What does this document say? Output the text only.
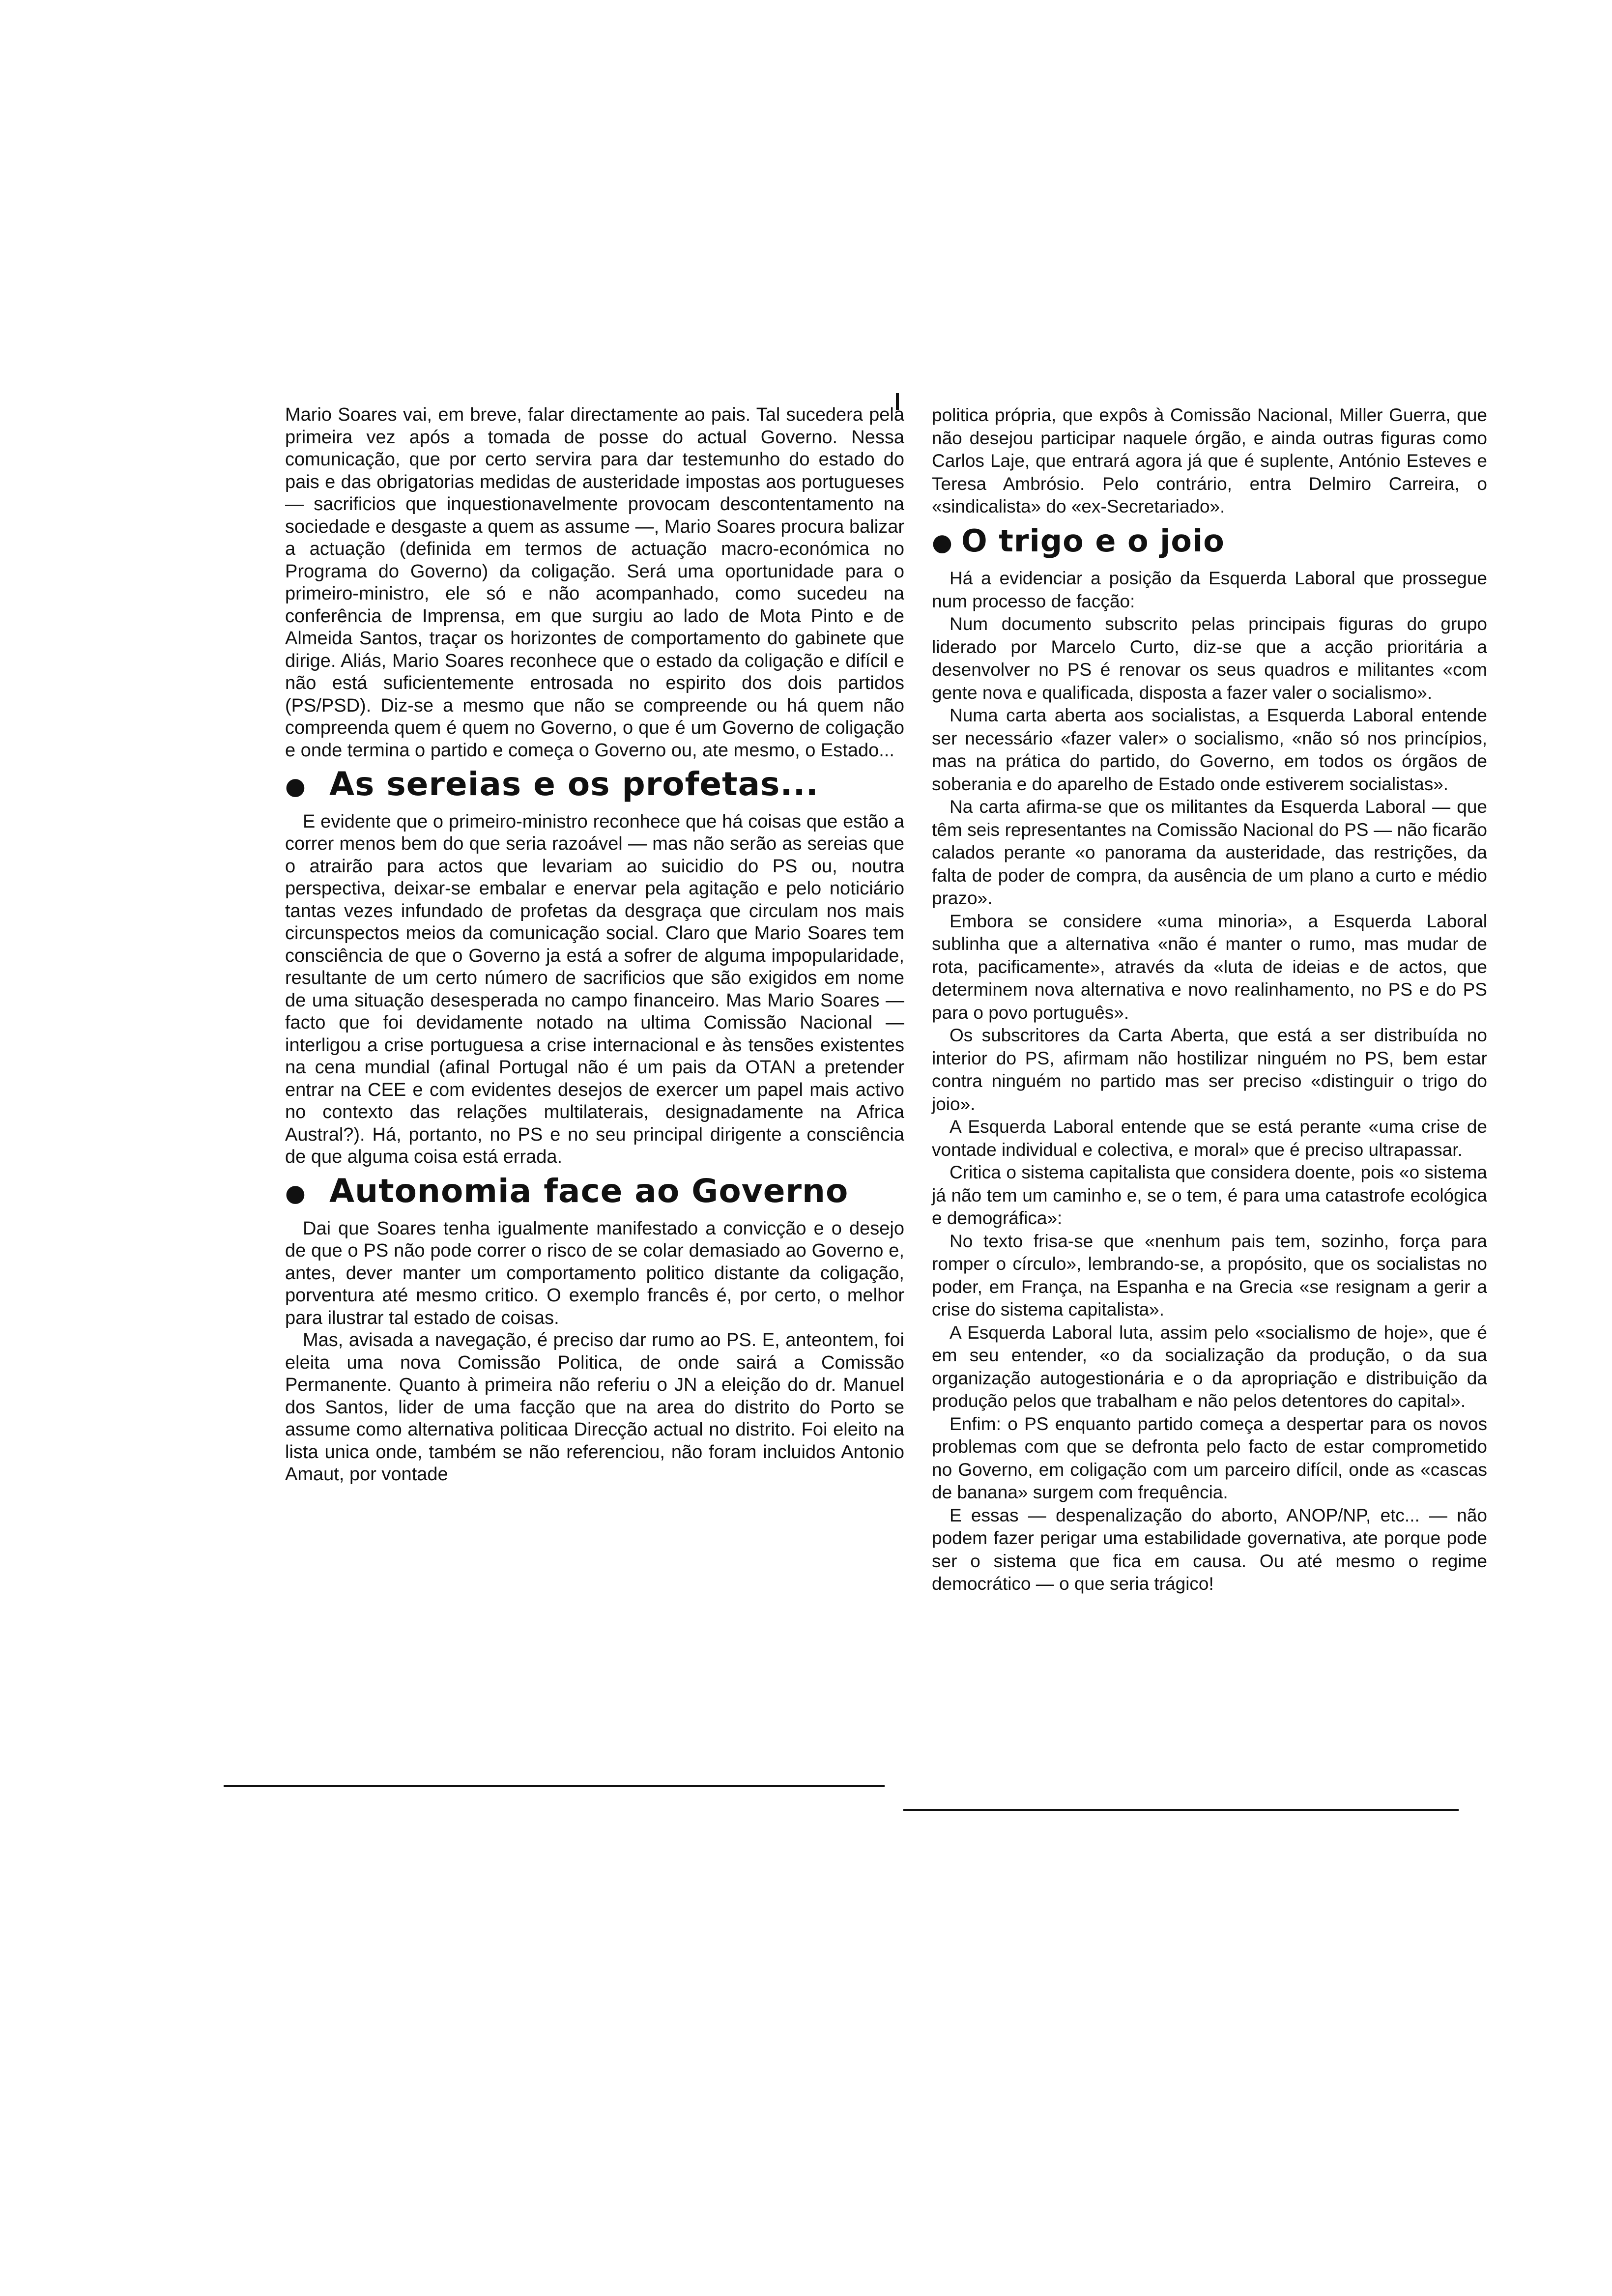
Mario Soares vai, em breve, falar directamente ao pais. Tal sucedera pela primeira vez após a tomada de posse do actual Governo. Nessa comunicação, que por certo servira para dar testemunho do estado do pais e das obrigatorias medidas de austeridade impostas aos portugueses — sacrificios que inquestionavelmente provocam descontentamento na sociedade e desgaste a quem as assume —, Mario Soares procura balizar a actuação (definida em termos de actuação macro-económica no Programa do Governo) da coligação. Será uma oportunidade para o primeiro-ministro, ele só e não acompanhado, como sucedeu na conferência de Imprensa, em que surgiu ao lado de Mota Pinto e de Almeida Santos, traçar os horizontes de comportamento do gabinete que dirige. Aliás, Mario Soares reconhece que o estado da coligação e difícil e não está suficientemente entrosada no espirito dos dois partidos (PS/PSD). Diz-se a mesmo que não se compreende ou há quem não compreenda quem é quem no Governo, o que é um Governo de coligação e onde termina o partido e começa o Governo ou, ate mesmo, o Estado...

● As sereias e os profetas...

E evidente que o primeiro-ministro reconhece que há coisas que estão a correr menos bem do que seria razoável — mas não serão as sereias que o atrairão para actos que levariam ao suicidio do PS ou, noutra perspectiva, deixar-se embalar e enervar pela agitação e pelo noticiário tantas vezes infundado de profetas da desgraça que circulam nos mais circunspectos meios da comunicação social. Claro que Mario Soares tem consciência de que o Governo ja está a sofrer de alguma impopularidade, resultante de um certo número de sacrificios que são exigidos em nome de uma situação desesperada no campo financeiro. Mas Mario Soares — facto que foi devidamente notado na ultima Comissão Nacional — interligou a crise portuguesa a crise internacional e às tensões existentes na cena mundial (afinal Portugal não é um pais da OTAN a pretender entrar na CEE e com evidentes desejos de exercer um papel mais activo no contexto das relações multilaterais, designadamente na Africa Austral?). Há, portanto, no PS e no seu principal dirigente a consciência de que alguma coisa está errada.

● Autonomia face ao Governo

Dai que Soares tenha igualmente manifestado a convicção e o desejo de que o PS não pode correr o risco de se colar demasiado ao Governo e, antes, dever manter um comportamento politico distante da coligação, porventura até mesmo critico. O exemplo francês é, por certo, o melhor para ilustrar tal estado de coisas.

Mas, avisada a navegação, é preciso dar rumo ao PS. E, anteontem, foi eleita uma nova Comissão Politica, de onde sairá a Comissão Permanente. Quanto à primeira não referiu o JN a eleição do dr. Manuel dos Santos, lider de uma facção que na area do distrito do Porto se assume como alternativa politicaa Direcção actual no distrito. Foi eleito na lista unica onde, também se não referenciou, não foram incluidos Antonio Amaut, por vontade

politica própria, que expôs à Comissão Nacional, Miller Guerra, que não desejou participar naquele órgão, e ainda outras figuras como Carlos Laje, que entrará agora já que é suplente, António Esteves e Teresa Ambrósio. Pelo contrário, entra Delmiro Carreira, o «sindicalista» do «ex-Secretariado».

● O trigo e o joio

Há a evidenciar a posição da Esquerda Laboral que prossegue num processo de facção:

Num documento subscrito pelas principais figuras do grupo liderado por Marcelo Curto, diz-se que a acção prioritária a desenvolver no PS é renovar os seus quadros e militantes «com gente nova e qualificada, disposta a fazer valer o socialismo».

Numa carta aberta aos socialistas, a Esquerda Laboral entende ser necessário «fazer valer» o socialismo, «não só nos princípios, mas na prática do partido, do Governo, em todos os órgãos de soberania e do aparelho de Estado onde estiverem socialistas».

Na carta afirma-se que os militantes da Esquerda Laboral — que têm seis representantes na Comissão Nacional do PS — não ficarão calados perante «o panorama da austeridade, das restrições, da falta de poder de compra, da ausência de um plano a curto e médio prazo».

Embora se considere «uma minoria», a Esquerda Laboral sublinha que a alternativa «não é manter o rumo, mas mudar de rota, pacificamente», através da «luta de ideias e de actos, que determinem nova alternativa e novo realinhamento, no PS e do PS para o povo português».

Os subscritores da Carta Aberta, que está a ser distribuída no interior do PS, afirmam não hostilizar ninguém no PS, bem estar contra ninguém no partido mas ser preciso «distinguir o trigo do joio».

A Esquerda Laboral entende que se está perante «uma crise de vontade individual e colectiva, e moral» que é preciso ultrapassar.

Critica o sistema capitalista que considera doente, pois «o sistema já não tem um caminho e, se o tem, é para uma catastrofe ecológica e demográfica»:

No texto frisa-se que «nenhum pais tem, sozinho, força para romper o círculo», lembrando-se, a propósito, que os socialistas no poder, em França, na Espanha e na Grecia «se resignam a gerir a crise do sistema capitalista».

A Esquerda Laboral luta, assim pelo «socialismo de hoje», que é em seu entender, «o da socialização da produção, o da sua organização autogestionária e o da apropriação e distribuição da produção pelos que trabalham e não pelos detentores do capital».

Enfim: o PS enquanto partido começa a despertar para os novos problemas com que se defronta pelo facto de estar comprometido no Governo, em coligação com um parceiro difícil, onde as «cascas de banana» surgem com frequência.

E essas — despenalização do aborto, ANOP/NP, etc... — não podem fazer perigar uma estabilidade governativa, ate porque pode ser o sistema que fica em causa. Ou até mesmo o regime democrático — o que seria trágico!
